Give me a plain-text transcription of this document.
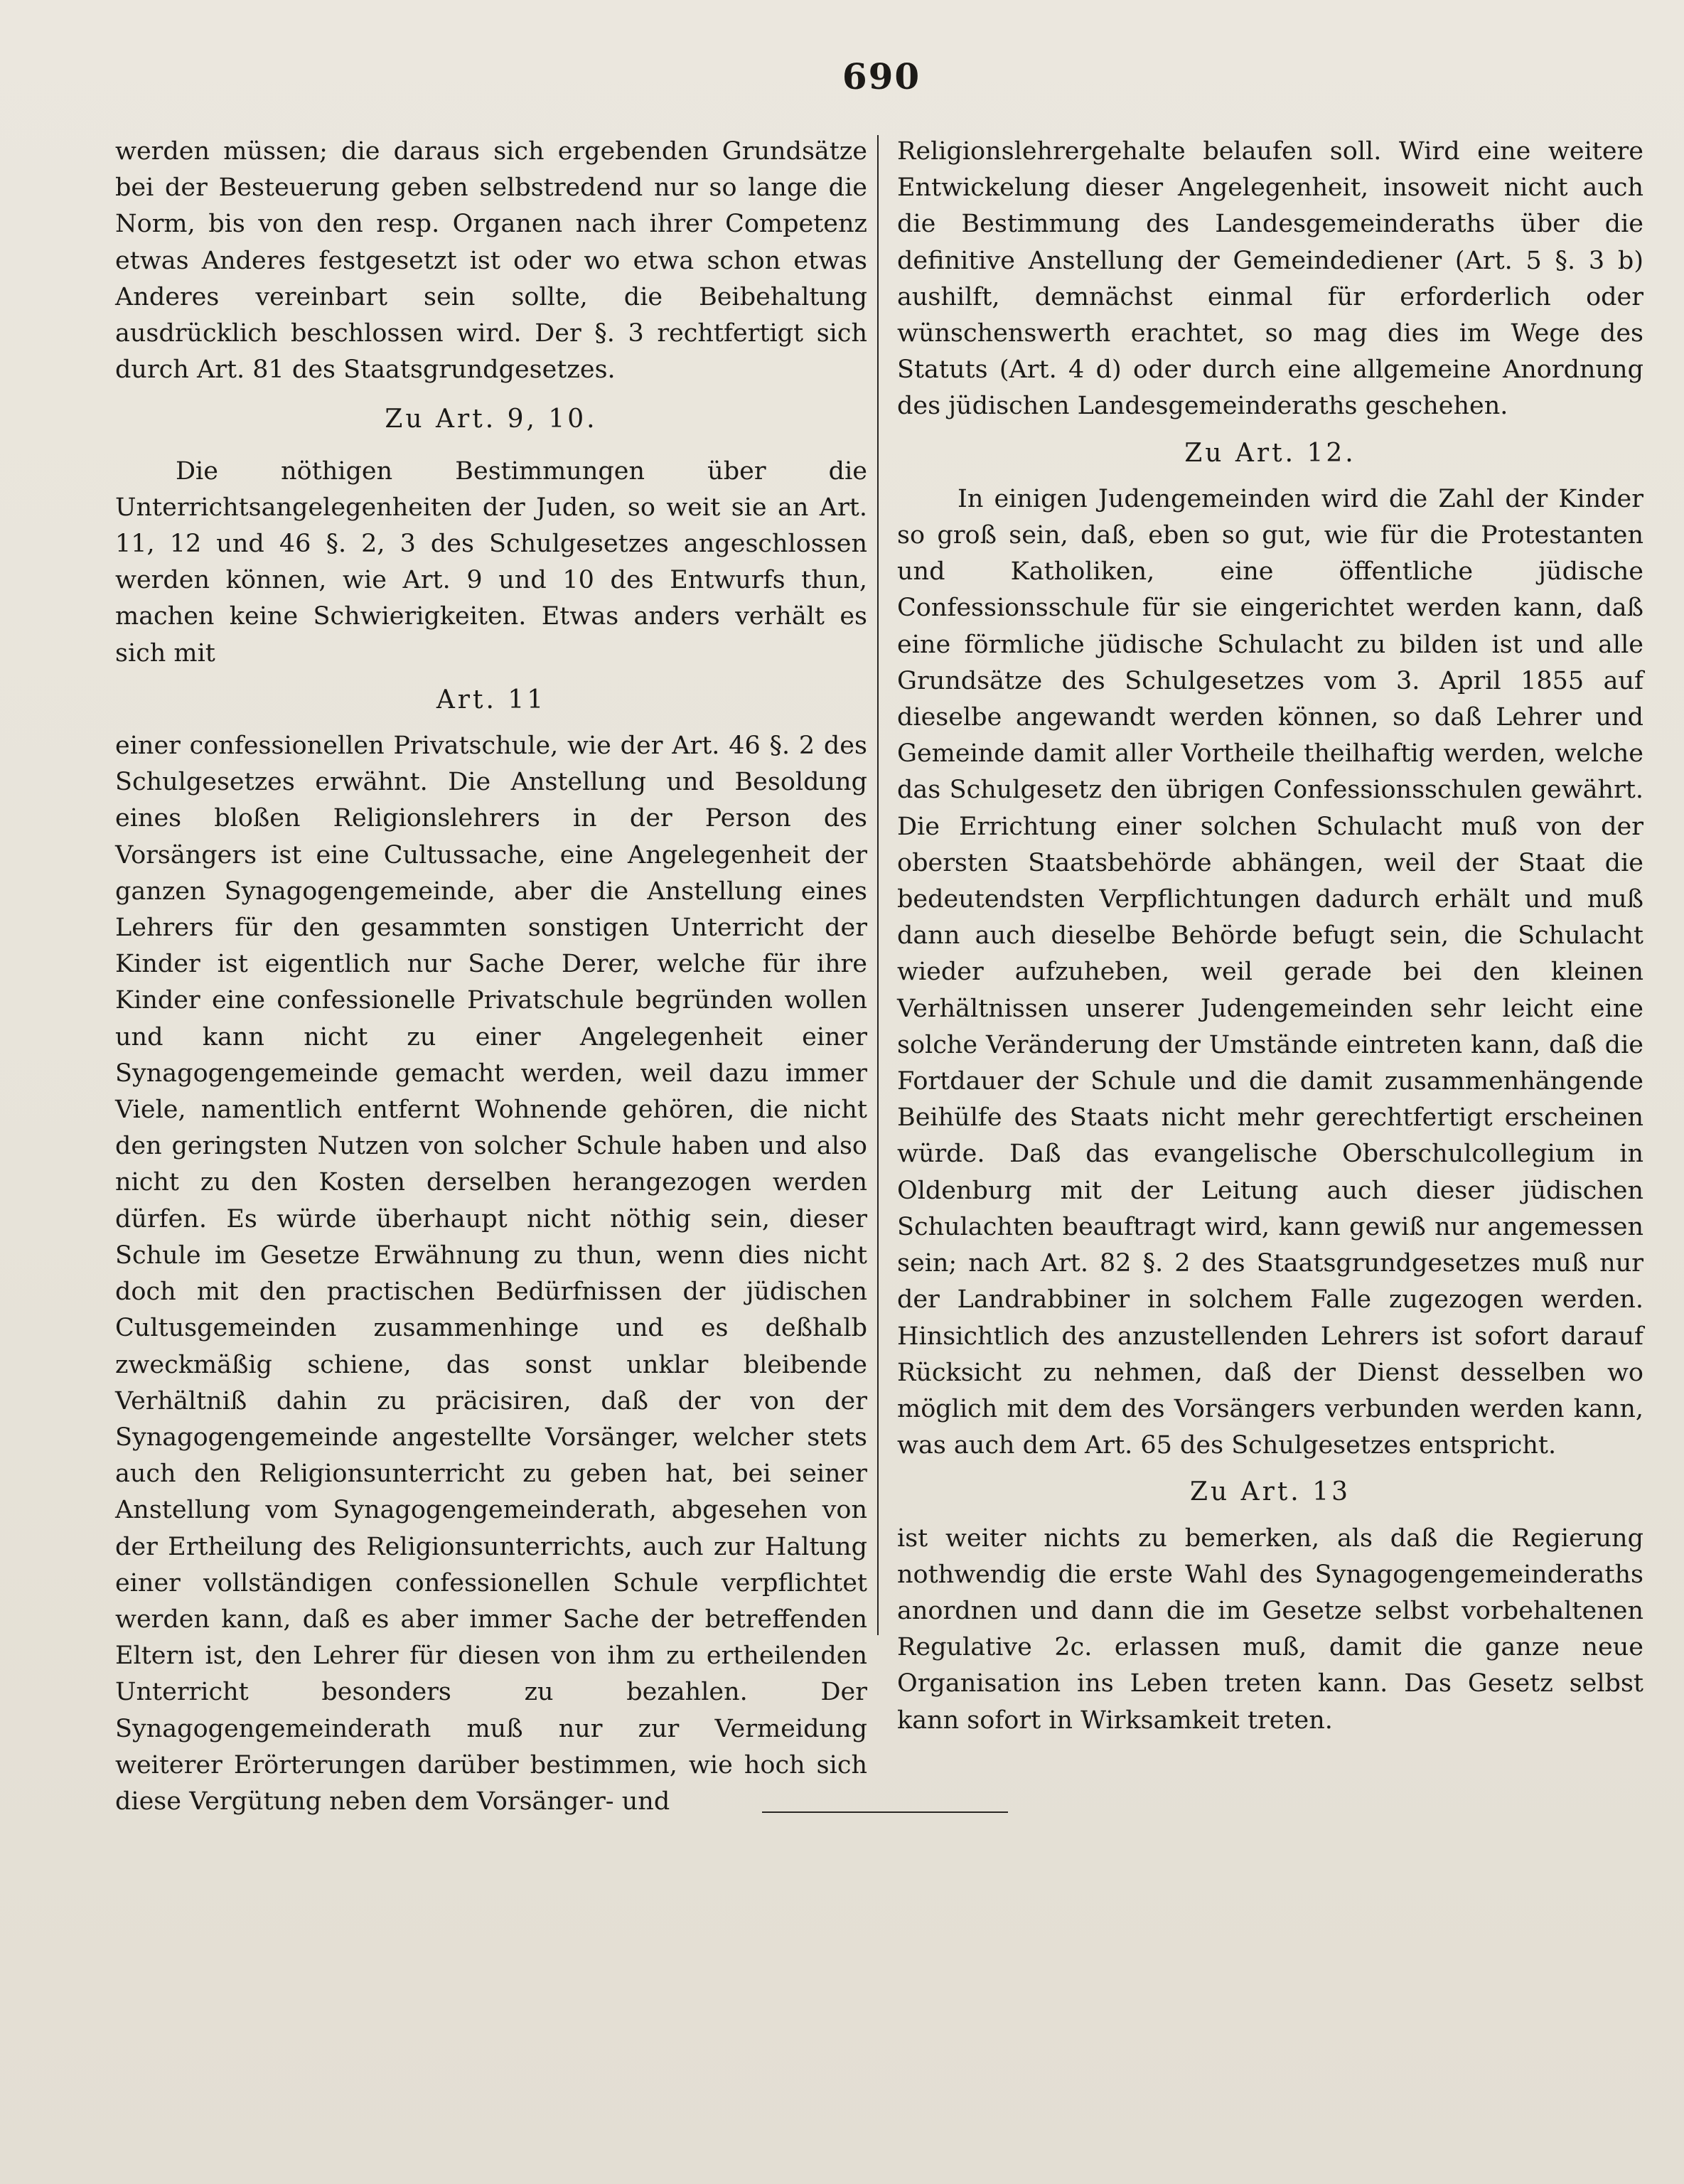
690

werden müssen; die daraus sich ergebenden Grundsätze bei der Besteuerung geben selbstredend nur so lange die Norm, bis von den resp. Organen nach ihrer Competenz etwas Anderes festgesetzt ist oder wo etwa schon etwas Anderes vereinbart sein sollte, die Beibehaltung ausdrücklich beschlossen wird. Der §. 3 rechtfertigt sich durch Art. 81 des Staatsgrundgesetzes.

Zu Art. 9, 10.

Die nöthigen Bestimmungen über die Unterrichtsangelegenheiten der Juden, so weit sie an Art. 11, 12 und 46 §. 2, 3 des Schulgesetzes angeschlossen werden können, wie Art. 9 und 10 des Entwurfs thun, machen keine Schwierigkeiten. Etwas anders verhält es sich mit

Art. 11

einer confessionellen Privatschule, wie der Art. 46 §. 2 des Schulgesetzes erwähnt. Die Anstellung und Besoldung eines bloßen Religionslehrers in der Person des Vorsängers ist eine Cultussache, eine Angelegenheit der ganzen Synagogengemeinde, aber die Anstellung eines Lehrers für den gesammten sonstigen Unterricht der Kinder ist eigentlich nur Sache Derer, welche für ihre Kinder eine confessionelle Privatschule begründen wollen und kann nicht zu einer Angelegenheit einer Synagogengemeinde gemacht werden, weil dazu immer Viele, namentlich entfernt Wohnende gehören, die nicht den geringsten Nutzen von solcher Schule haben und also nicht zu den Kosten derselben herangezogen werden dürfen. Es würde überhaupt nicht nöthig sein, dieser Schule im Gesetze Erwähnung zu thun, wenn dies nicht doch mit den practischen Bedürfnissen der jüdischen Cultusgemeinden zusammenhinge und es deßhalb zweckmäßig schiene, das sonst unklar bleibende Verhältniß dahin zu präcisiren, daß der von der Synagogengemeinde angestellte Vorsänger, welcher stets auch den Religionsunterricht zu geben hat, bei seiner Anstellung vom Synagogengemeinderath, abgesehen von der Ertheilung des Religionsunterrichts, auch zur Haltung einer vollständigen confessionellen Schule verpflichtet werden kann, daß es aber immer Sache der betreffenden Eltern ist, den Lehrer für diesen von ihm zu ertheilenden Unterricht besonders zu bezahlen. Der Synagogengemeinderath muß nur zur Vermeidung weiterer Erörterungen darüber bestimmen, wie hoch sich diese Vergütung neben dem Vorsänger- und

Religionslehrergehalte belaufen soll. Wird eine weitere Entwickelung dieser Angelegenheit, insoweit nicht auch die Bestimmung des Landesgemeinderaths über die definitive Anstellung der Gemeindediener (Art. 5 §. 3 b) aushilft, demnächst einmal für erforderlich oder wünschenswerth erachtet, so mag dies im Wege des Statuts (Art. 4 d) oder durch eine allgemeine Anordnung des jüdischen Landesgemeinderaths geschehen.

Zu Art. 12.

In einigen Judengemeinden wird die Zahl der Kinder so groß sein, daß, eben so gut, wie für die Protestanten und Katholiken, eine öffentliche jüdische Confessionsschule für sie eingerichtet werden kann, daß eine förmliche jüdische Schulacht zu bilden ist und alle Grundsätze des Schulgesetzes vom 3. April 1855 auf dieselbe angewandt werden können, so daß Lehrer und Gemeinde damit aller Vortheile theilhaftig werden, welche das Schulgesetz den übrigen Confessionsschulen gewährt. Die Errichtung einer solchen Schulacht muß von der obersten Staatsbehörde abhängen, weil der Staat die bedeutendsten Verpflichtungen dadurch erhält und muß dann auch dieselbe Behörde befugt sein, die Schulacht wieder aufzuheben, weil gerade bei den kleinen Verhältnissen unserer Judengemeinden sehr leicht eine solche Veränderung der Umstände eintreten kann, daß die Fortdauer der Schule und die damit zusammenhängende Beihülfe des Staats nicht mehr gerechtfertigt erscheinen würde. Daß das evangelische Oberschulcollegium in Oldenburg mit der Leitung auch dieser jüdischen Schulachten beauftragt wird, kann gewiß nur angemessen sein; nach Art. 82 §. 2 des Staatsgrundgesetzes muß nur der Landrabbiner in solchem Falle zugezogen werden. Hinsichtlich des anzustellenden Lehrers ist sofort darauf Rücksicht zu nehmen, daß der Dienst desselben wo möglich mit dem des Vorsängers verbunden werden kann, was auch dem Art. 65 des Schulgesetzes entspricht.

Zu Art. 13

ist weiter nichts zu bemerken, als daß die Regierung nothwendig die erste Wahl des Synagogengemeinderaths anordnen und dann die im Gesetze selbst vorbehaltenen Regulative 2c. erlassen muß, damit die ganze neue Organisation ins Leben treten kann. Das Gesetz selbst kann sofort in Wirksamkeit treten.
